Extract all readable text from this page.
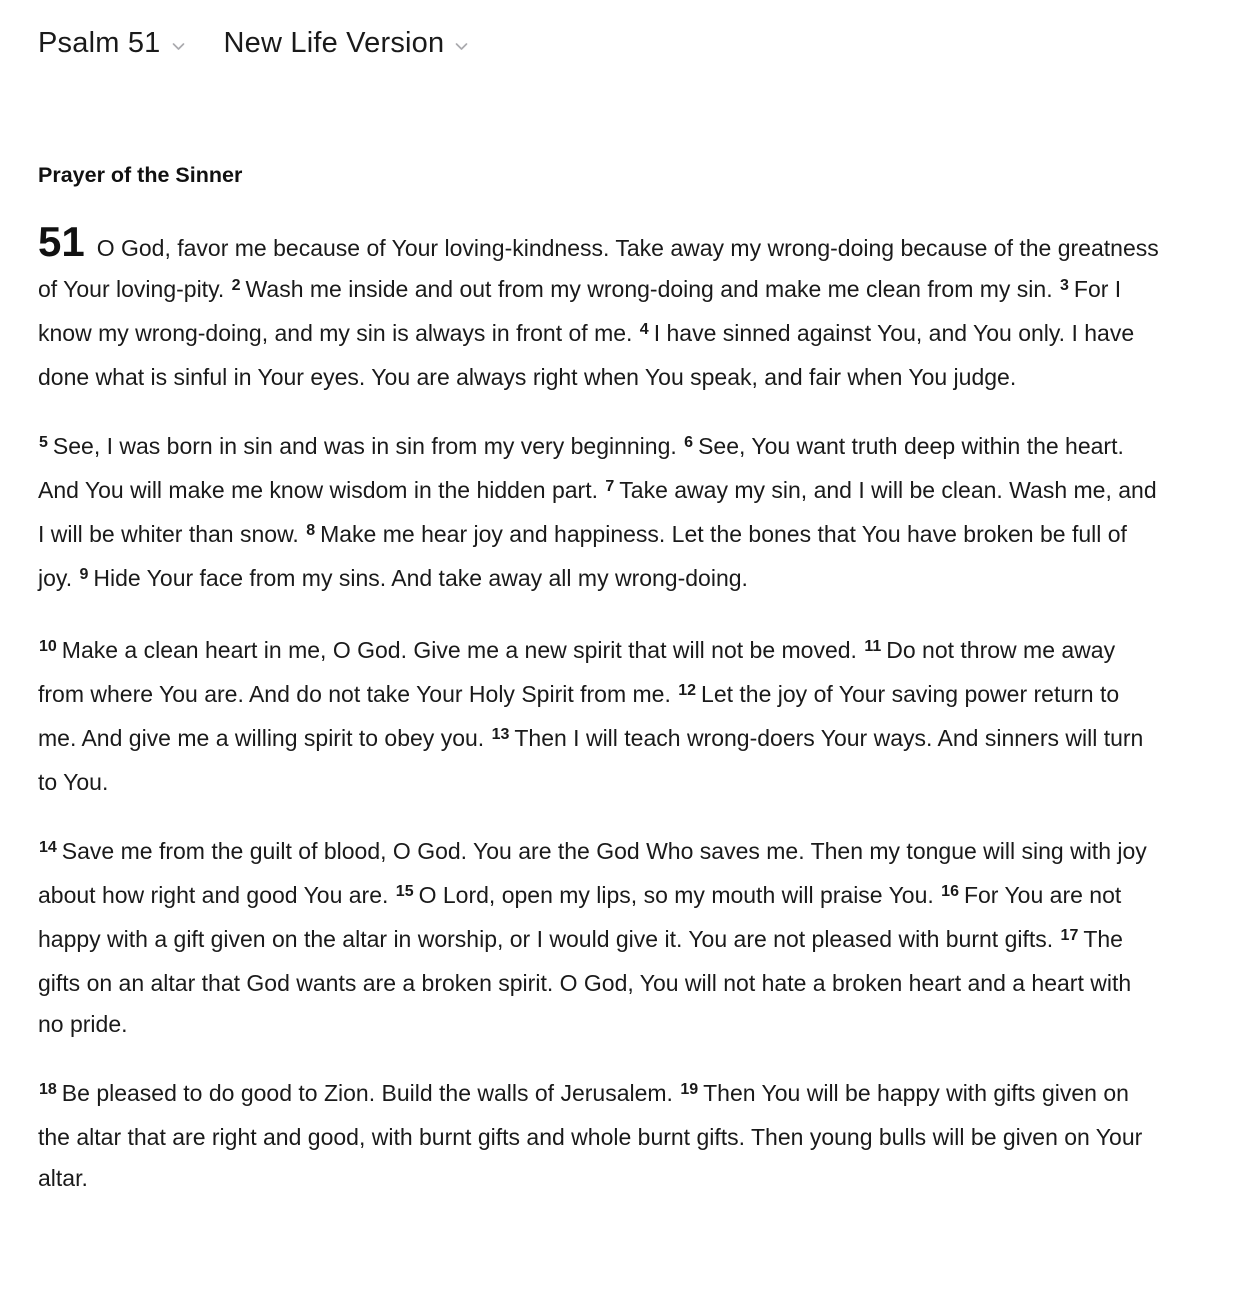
Psalm 51 New Life Version
Prayer of the Sinner

51 O God, favor me because of Your loving-kindness. Take away my wrong-doing because of the greatness of Your loving-pity. $^2$ Wash me inside and out from my wrong-doing and make me clean from my sin. $^3$ For I know my wrong-doing, and my sin is always in front of me. $^4$ I have sinned against You, and You only. I have done what is sinful in Your eyes. You are always right when You speak, and fair when You judge.

$^5$ See, I was born in sin and was in sin from my very beginning. $^6$ See, You want truth deep within the heart. And You will make me know wisdom in the hidden part. $^7$ Take away my sin, and I will be clean. Wash me, and I will be whiter than snow. $^8$ Make me hear joy and happiness. Let the bones that You have broken be full of joy. $^9$ Hide Your face from my sins. And take away all my wrong-doing.

$^{10}$ Make a clean heart in me, O God. Give me a new spirit that will not be moved. $^{11}$ Do not throw me away from where You are. And do not take Your Holy Spirit from me. $^{12}$ Let the joy of Your saving power return to me. And give me a willing spirit to obey you. $^{13}$ Then I will teach wrong-doers Your ways. And sinners will turn to You.

$^{14}$ Save me from the guilt of blood, O God. You are the God Who saves me. Then my tongue will sing with joy about how right and good You are. $^{15}$ O Lord, open my lips, so my mouth will praise You. $^{16}$ For You are not happy with a gift given on the altar in worship, or I would give it. You are not pleased with burnt gifts. $^{17}$ The gifts on an altar that God wants are a broken spirit. O God, You will not hate a broken heart and a heart with no pride.

$^{18}$ Be pleased to do good to Zion. Build the walls of Jerusalem. $^{19}$ Then You will be happy with gifts given on the altar that are right and good, with burnt gifts and whole burnt gifts. Then young bulls will be given on Your altar.
